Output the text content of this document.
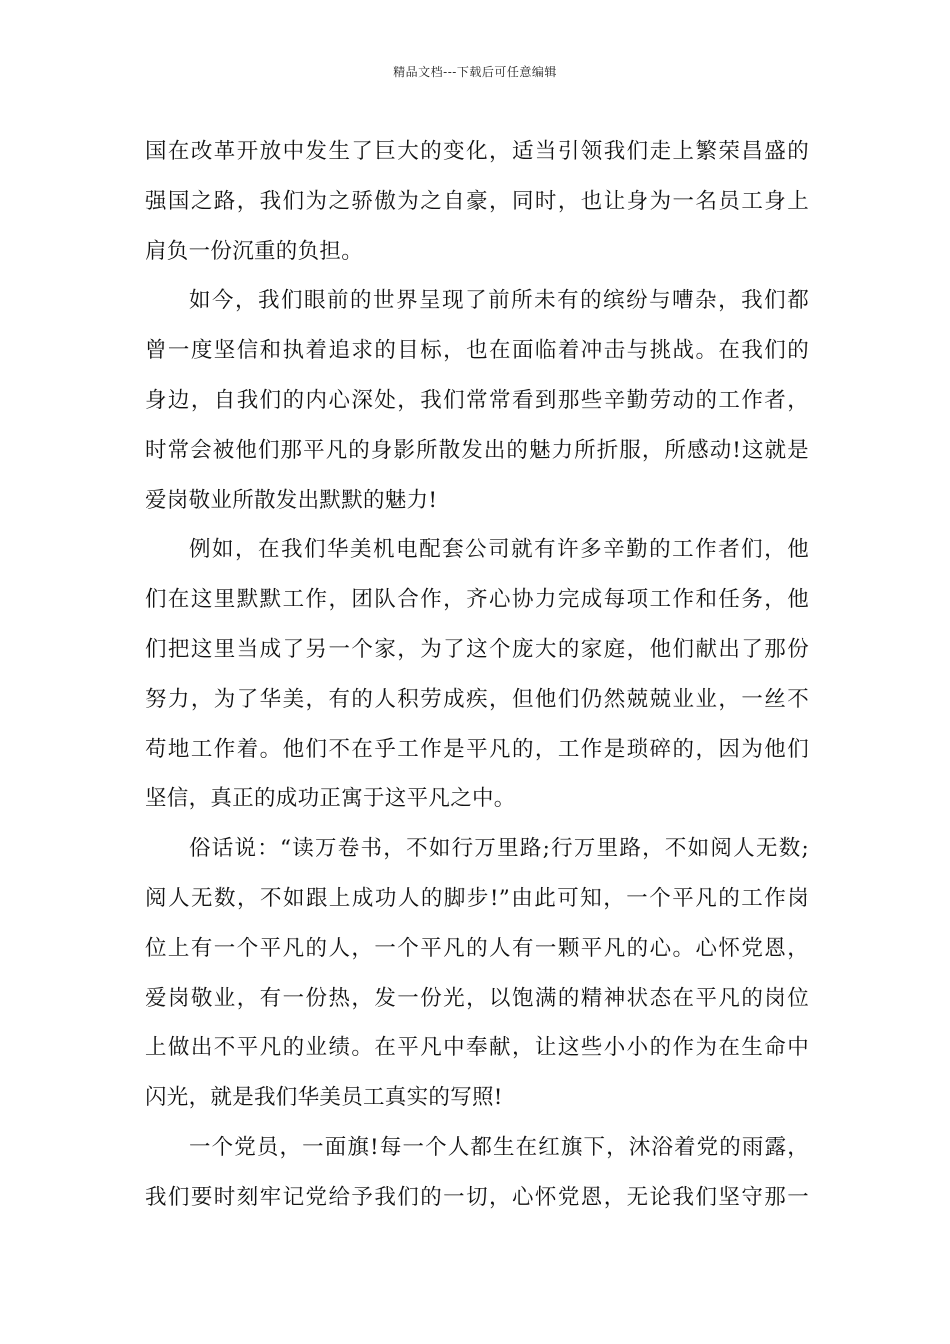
精品文档---下载后可任意编辑
国在改革开放中发生了巨大的变化，适当引领我们走上繁荣昌盛的
强国之路，我们为之骄傲为之自豪，同时，也让身为一名员工身上
肩负一份沉重的负担。
如今，我们眼前的世界呈现了前所未有的缤纷与嘈杂，我们都
曾一度坚信和执着追求的目标，也在面临着冲击与挑战。在我们的
身边，自我们的内心深处，我们常常看到那些辛勤劳动的工作者，
时常会被他们那平凡的身影所散发出的魅力所折服，所感动!这就是
爱岗敬业所散发出默默的魅力!
例如，在我们华美机电配套公司就有许多辛勤的工作者们，他
们在这里默默工作，团队合作，齐心协力完成每项工作和任务，他
们把这里当成了另一个家，为了这个庞大的家庭，他们献出了那份
努力，为了华美，有的人积劳成疾，但他们仍然兢兢业业，一丝不
苟地工作着。他们不在乎工作是平凡的，工作是琐碎的，因为他们
坚信，真正的成功正寓于这平凡之中。
俗话说：“读万卷书，不如行万里路;行万里路，不如阅人无数;
阅人无数，不如跟上成功人的脚步!”由此可知，一个平凡的工作岗
位上有一个平凡的人，一个平凡的人有一颗平凡的心。心怀党恩，
爱岗敬业，有一份热，发一份光，以饱满的精神状态在平凡的岗位
上做出不平凡的业绩。在平凡中奉献，让这些小小的作为在生命中
闪光，就是我们华美员工真实的写照!
一个党员，一面旗!每一个人都生在红旗下，沐浴着党的雨露，
我们要时刻牢记党给予我们的一切，心怀党恩，无论我们坚守那一
